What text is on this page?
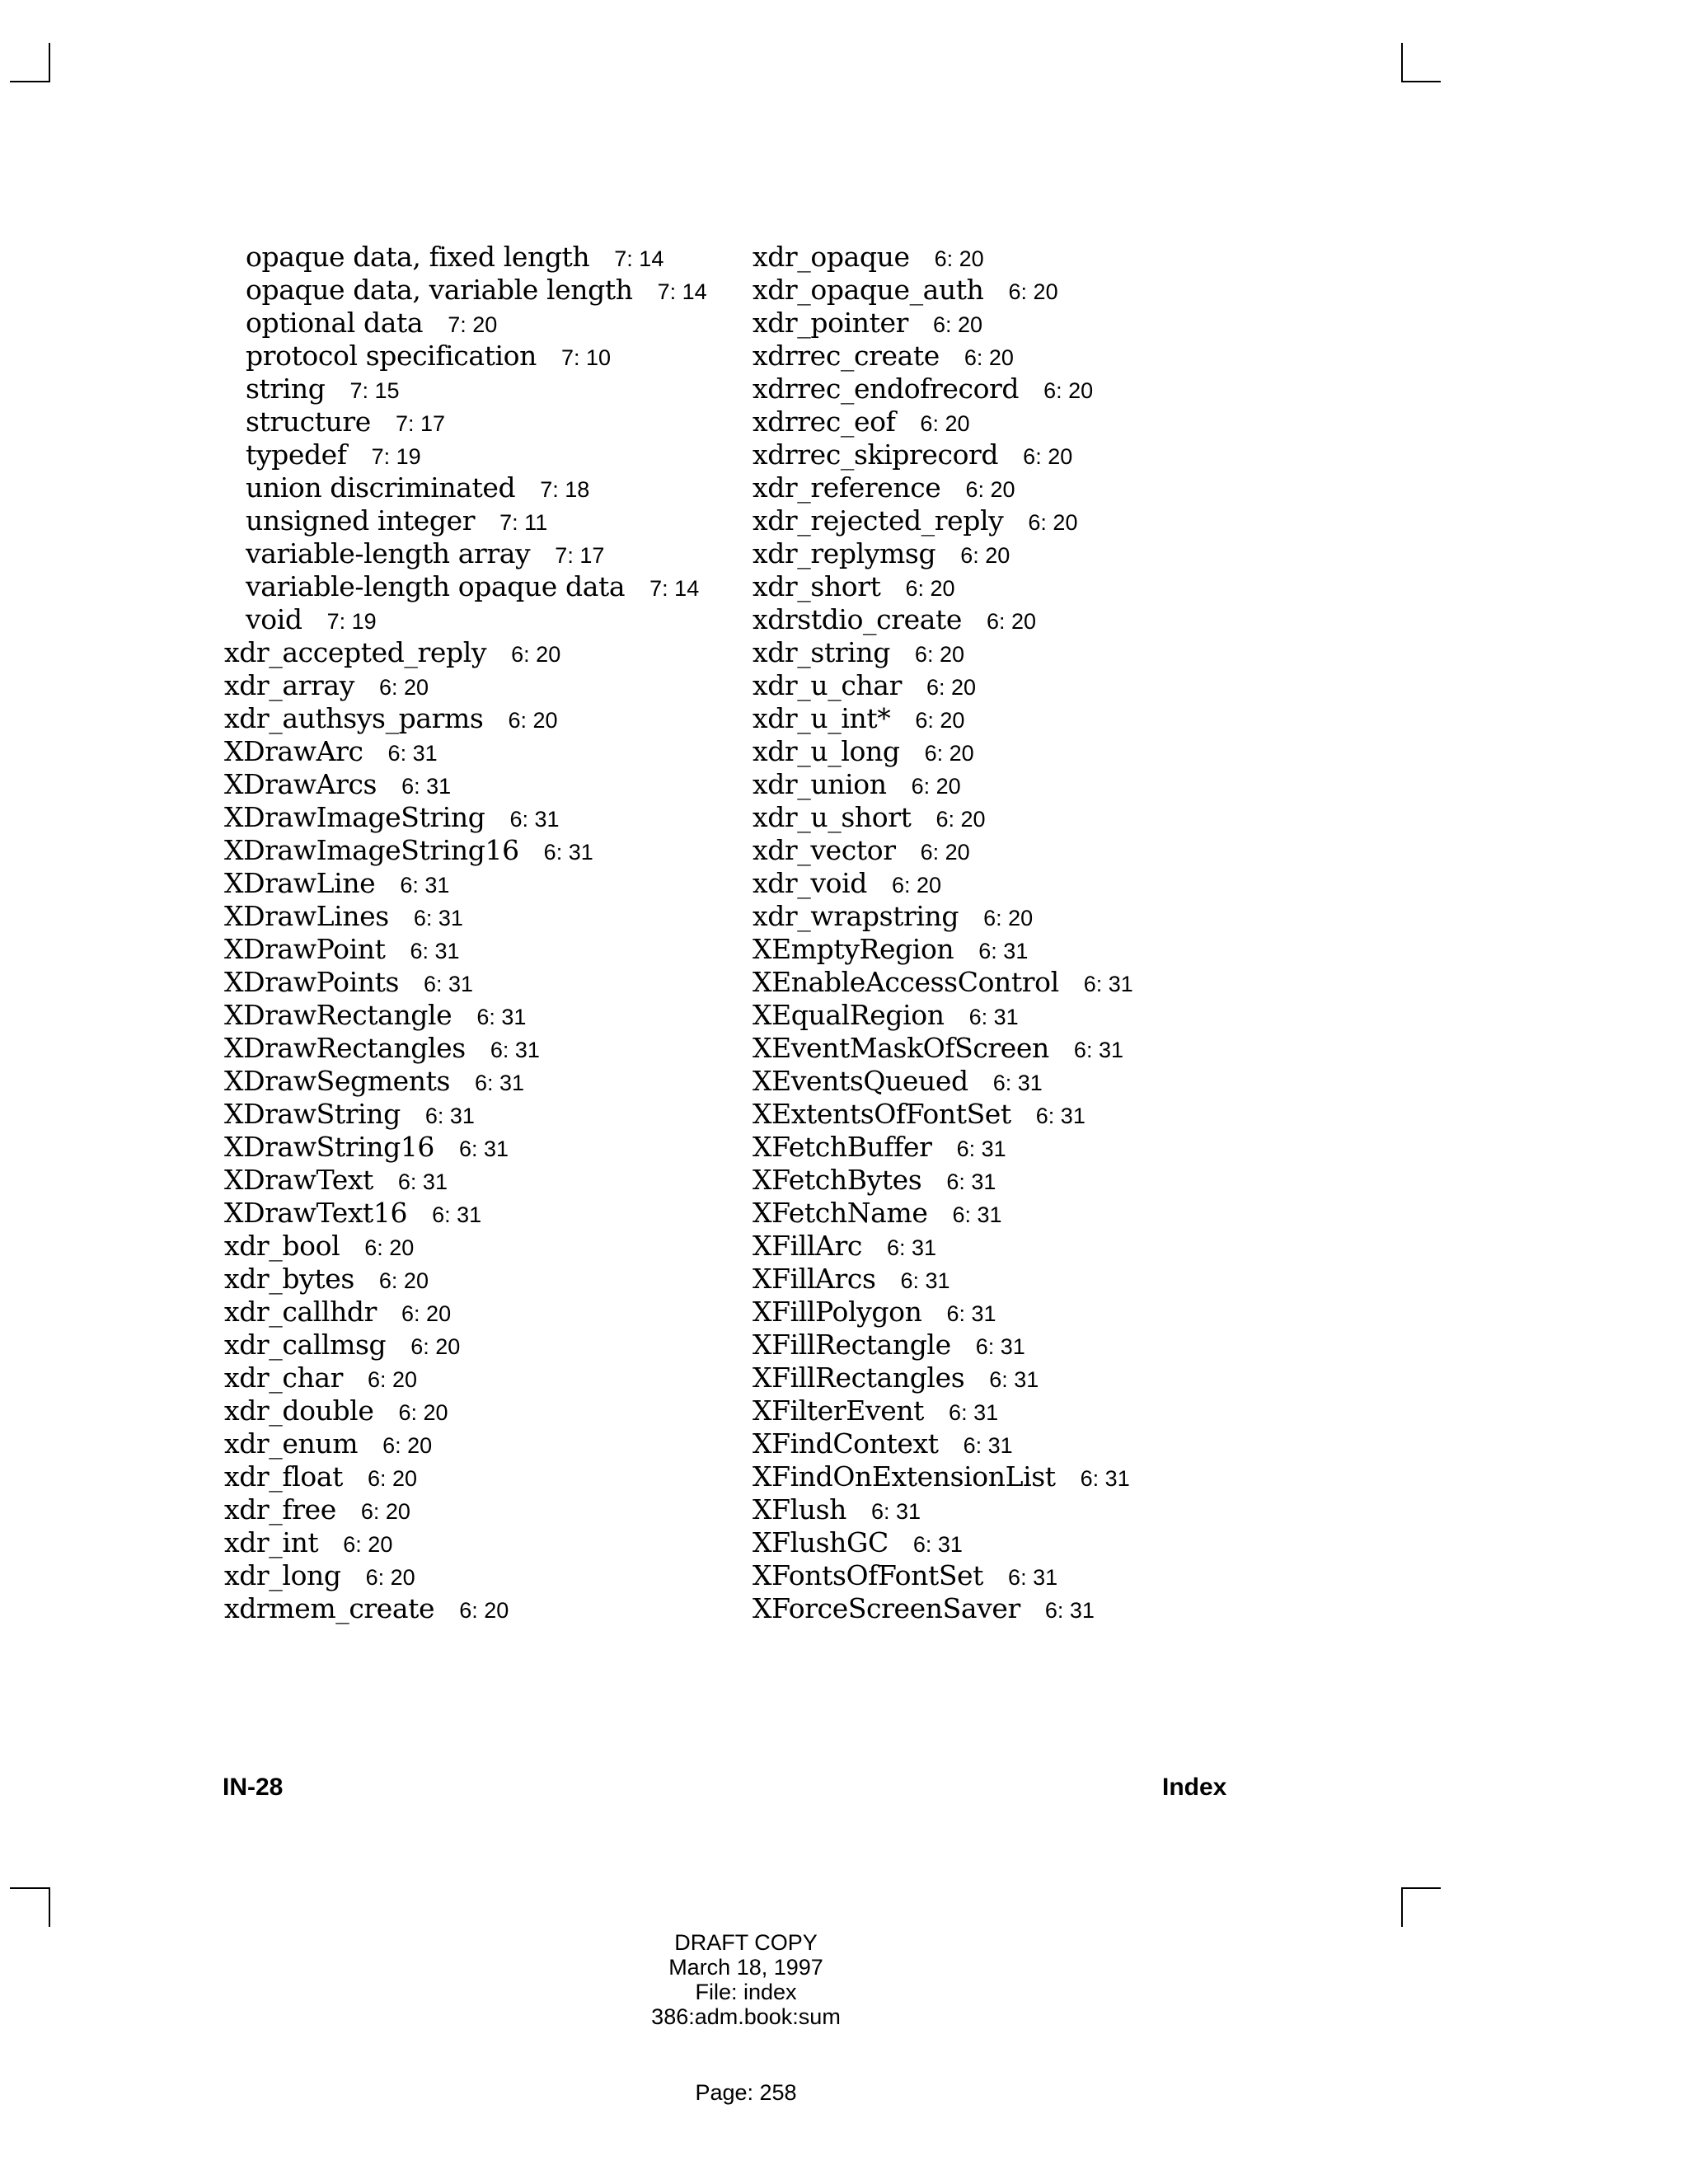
opaque data, fixed length 7: 14
opaque data, variable length 7: 14
optional data 7: 20
protocol specification 7: 10
string 7: 15
structure 7: 17
typedef 7: 19
union discriminated 7: 18
unsigned integer 7: 11
variable-length array 7: 17
variable-length opaque data 7: 14
void 7: 19
xdr_accepted_reply 6: 20
xdr_array 6: 20
xdr_authsys_parms 6: 20
XDrawArc 6: 31
XDrawArcs 6: 31
XDrawImageString 6: 31
XDrawImageString16 6: 31
XDrawLine 6: 31
XDrawLines 6: 31
XDrawPoint 6: 31
XDrawPoints 6: 31
XDrawRectangle 6: 31
XDrawRectangles 6: 31
XDrawSegments 6: 31
XDrawString 6: 31
XDrawString16 6: 31
XDrawText 6: 31
XDrawText16 6: 31
xdr_bool 6: 20
xdr_bytes 6: 20
xdr_callhdr 6: 20
xdr_callmsg 6: 20
xdr_char 6: 20
xdr_double 6: 20
xdr_enum 6: 20
xdr_float 6: 20
xdr_free 6: 20
xdr_int 6: 20
xdr_long 6: 20
xdrmem_create 6: 20
xdr_opaque 6: 20
xdr_opaque_auth 6: 20
xdr_pointer 6: 20
xdrrec_create 6: 20
xdrrec_endofrecord 6: 20
xdrrec_eof 6: 20
xdrrec_skiprecord 6: 20
xdr_reference 6: 20
xdr_rejected_reply 6: 20
xdr_replymsg 6: 20
xdr_short 6: 20
xdrstdio_create 6: 20
xdr_string 6: 20
xdr_u_char 6: 20
xdr_u_int* 6: 20
xdr_u_long 6: 20
xdr_union 6: 20
xdr_u_short 6: 20
xdr_vector 6: 20
xdr_void 6: 20
xdr_wrapstring 6: 20
XEmptyRegion 6: 31
XEnableAccessControl 6: 31
XEqualRegion 6: 31
XEventMaskOfScreen 6: 31
XEventsQueued 6: 31
XExtentsOfFontSet 6: 31
XFetchBuffer 6: 31
XFetchBytes 6: 31
XFetchName 6: 31
XFillArc 6: 31
XFillArcs 6: 31
XFillPolygon 6: 31
XFillRectangle 6: 31
XFillRectangles 6: 31
XFilterEvent 6: 31
XFindContext 6: 31
XFindOnExtensionList 6: 31
XFlush 6: 31
XFlushGC 6: 31
XFontsOfFontSet 6: 31
XForceScreenSaver 6: 31
IN-28	Index
DRAFT COPY
March 18, 1997
File: index
386:adm.book:sum
Page: 258
